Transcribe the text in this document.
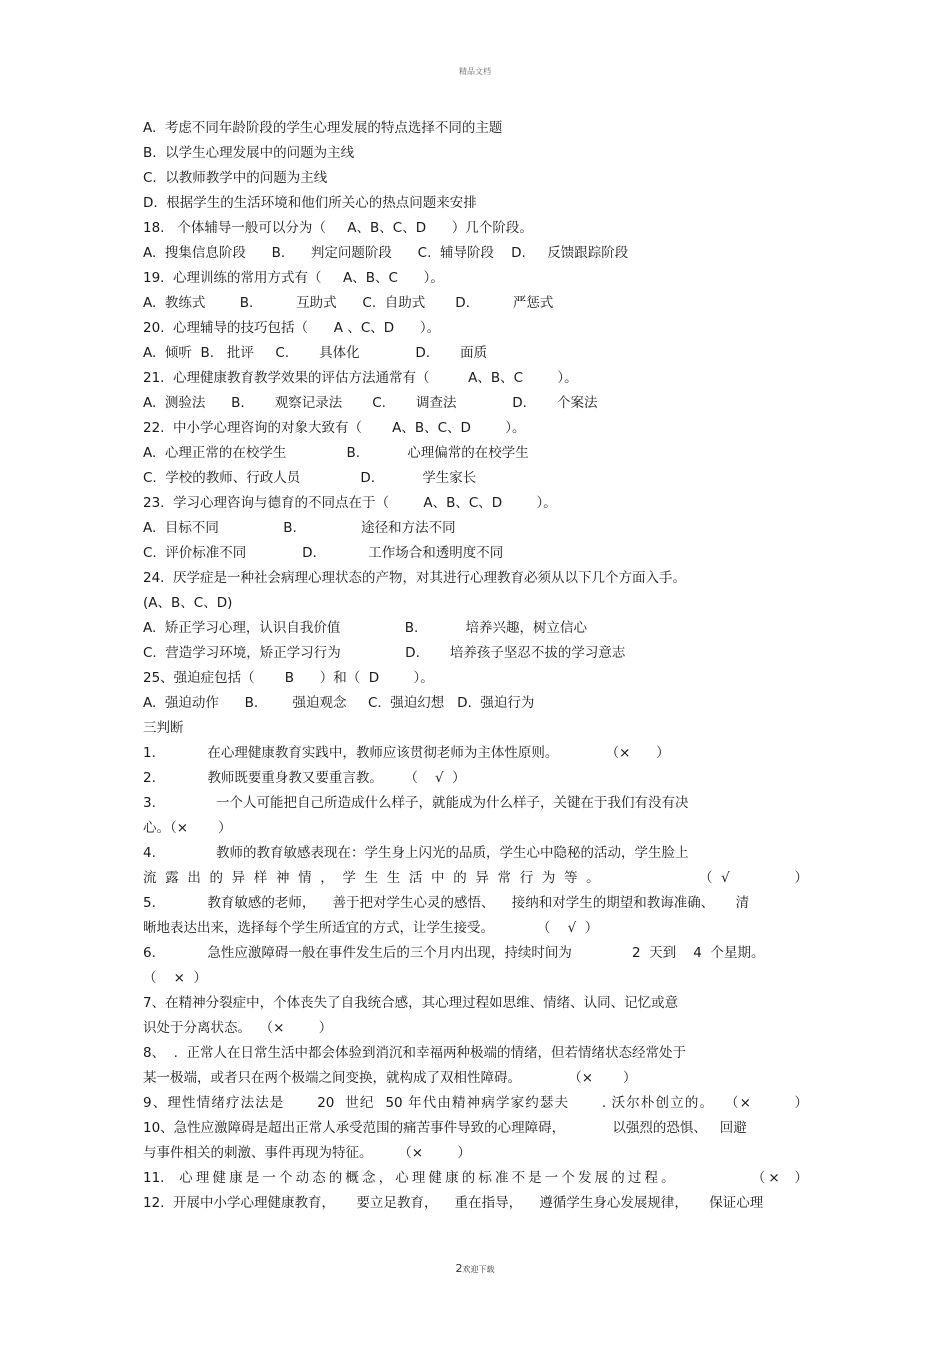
精品文档
A.  考虑不同年龄阶段的学生心理发展的特点选择不同的主题
B.  以学生心理发展中的问题为主线
C.  以教师教学中的问题为主线
D.  根据学生的生活环境和他们所关心的热点问题来安排
18.   个体辅导一般可以分为（     A、B、C、D      ）几个阶段。
A.  搜集信息阶段      B.      判定问题阶段      C.  辅导阶段    D.     反馈跟踪阶段
19.  心理训练的常用方式有（     A、B、C      ）。
A.  教练式        B.          互助式      C.  自助式       D.          严惩式
20.  心理辅导的技巧包括（      A 、C、D      ）。
A.  倾听  B.   批评     C.       具体化             D.       面质
21.  心理健康教育教学效果的评估方法通常有（         A、B、C        ）。
A.  测验法      B.       观察记录法       C.       调查法             D.       个案法
22.  中小学心理咨询的对象大致有（       A、B、C、D        ）。
A.  心理正常的在校学生              B.           心理偏常的在校学生
C.  学校的教师、行政人员              D.           学生家长
23.  学习心理咨询与德育的不同点在于（        A、B、C、D        ）。
A.  目标不同               B.               途径和方法不同
C.  评价标准不同             D.            工作场合和透明度不同
24.  厌学症是一种社会病理心理状态的产物，对其进行心理教育必须从以下几个方面入手。
(A、B、C、D)
A.  矫正学习心理，认识自我价值               B.           培养兴趣，树立信心
C.  营造学习环境，矫正学习行为               D.       培养孩子坚忍不拔的学习意志
25、强迫症包括（       B      ）和（  D        ）。
A.  强迫动作      B.        强迫观念     C.  强迫幻想   D.  强迫行为
三判断
1.            在心理健康教育实践中，教师应该贯彻老师为主体性原则。           （×      ）
2.            教师既要重身教又要重言教。     （    √  ）
3.              一个人可能把自己所造成什么样子，就能成为什么样子，关键在于我们有没有决
心。（×       ）
4.              教师的教育敏感表现在：学生身上闪光的品质，学生心中隐秘的活动，学生脸上
流露出的异样神情，学生生活中的异常行为等。       （√     ）
5.            教育敏感的老师，    善于把对学生心灵的感悟、    接纳和对学生的期望和教诲准确、     清
晰地表达出来，选择每个学生所适宜的方式，让学生接受。          （    √  ）
6.            急性应激障碍一般在事件发生后的三个月内出现，持续时间为              2  天到    4  个星期。
（    ×  ）
7、在精神分裂症中，个体丧失了自我统合感，其心理过程如思维、情绪、认同、记忆或意
识处于分离状态。  （×        ）
8、  .  正常人在日常生活中都会体验到消沉和幸福两种极端的情绪，但若情绪状态经常处于
某一极端，或者只在两个极端之间变换，就构成了双相性障碍。           （×       ）
9、理性情绪疗法法是      20  世纪  50 年代由精神病学家约瑟夫      . 沃尔朴创立的。  （×        ）
10、急性应激障碍是超出正常人承受范围的痛苦事件导致的心理障碍，           以强烈的恐惧、   回避
与事件相关的刺激、事件再现为特征。      （×        ）
11.  心理健康是一个动态的概念，心理健康的标准不是一个发展的过程。          （×  ）
12.  开展中小学心理健康教育，     要立足教育，    重在指导，    遵循学生身心发展规律，     保证心理
2欢迎下载
